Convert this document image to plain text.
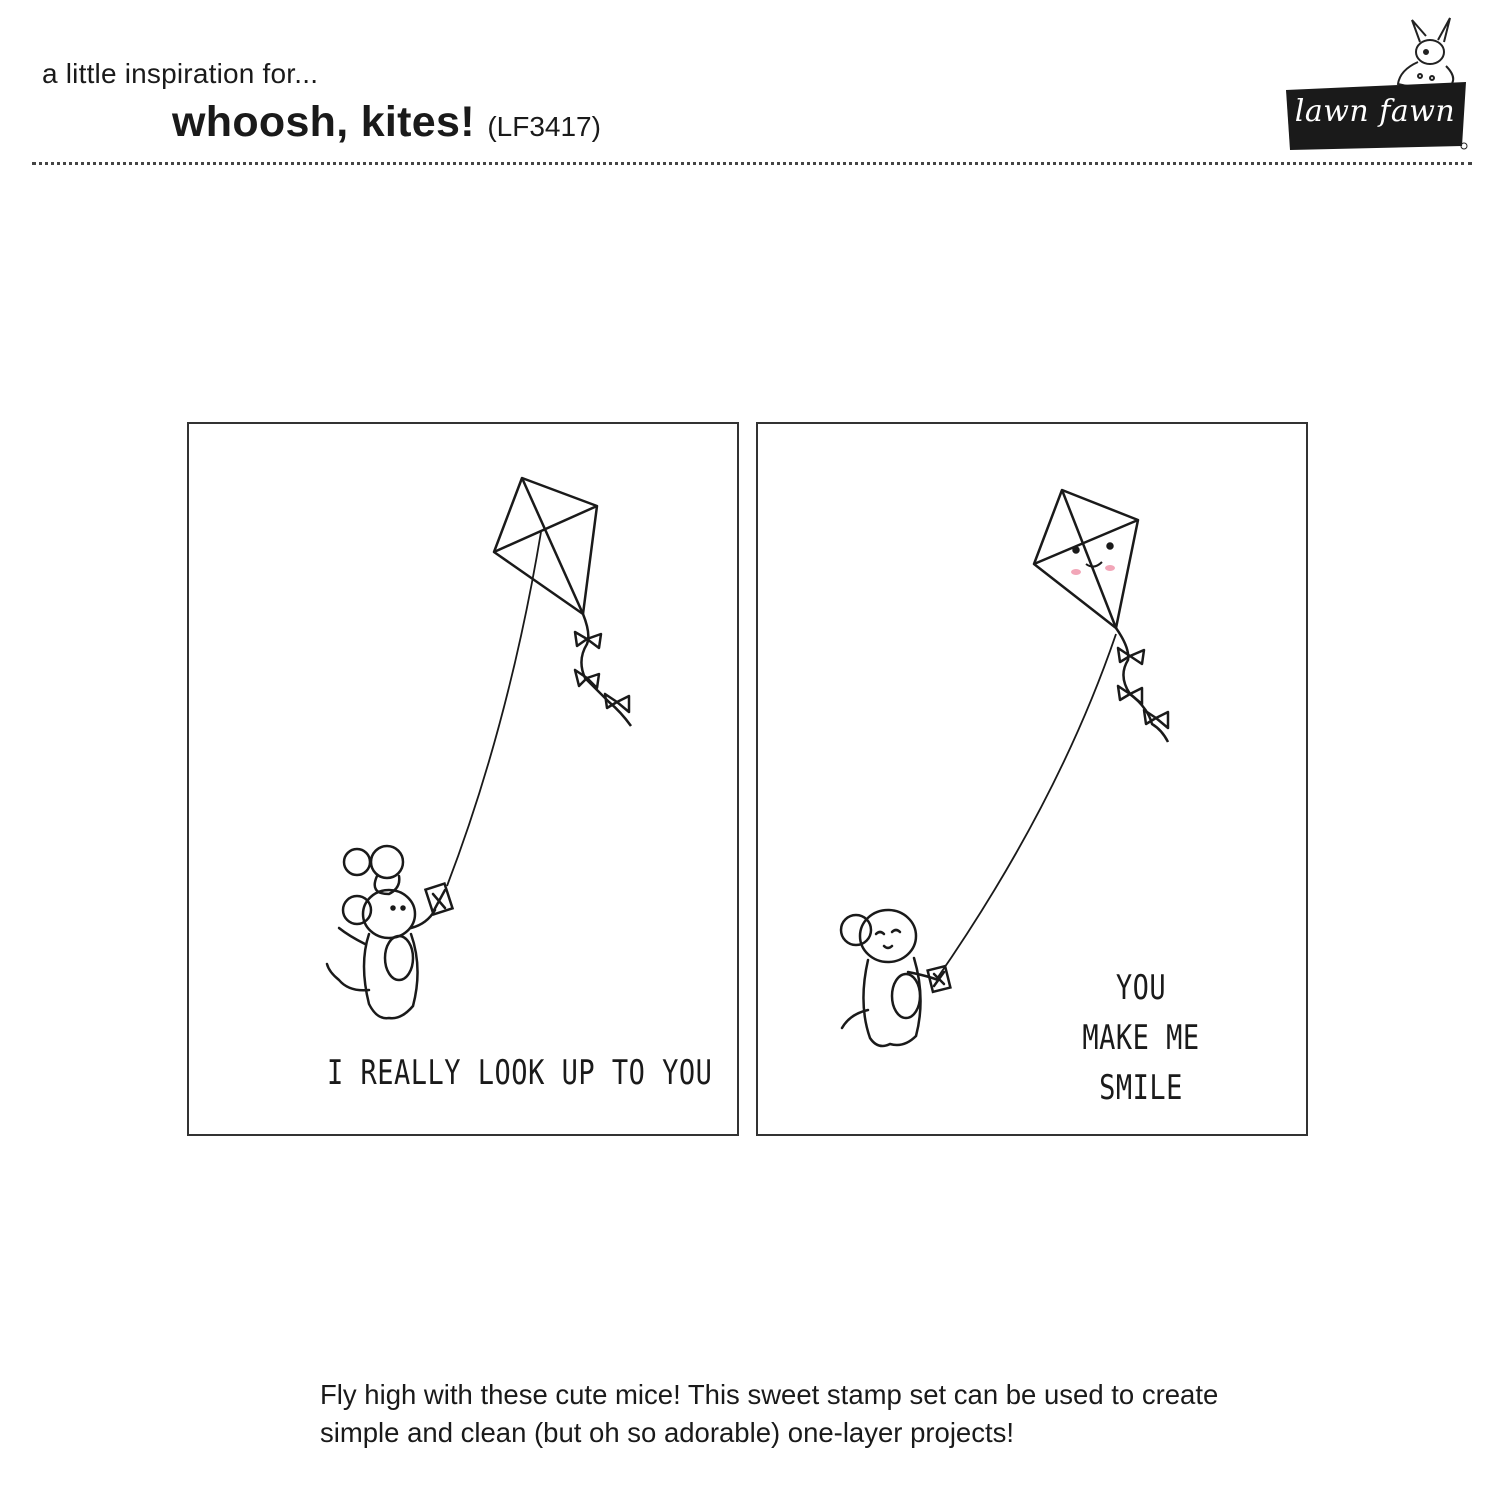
a little inspiration for...
whoosh, kites! (LF3417)	lawn fawn
I REALLY LOOK UP TO YOU
YOU MAKE ME SMILE
Fly high with these cute mice! This sweet stamp set can be used to create simple and clean (but oh so adorable) one-layer projects!
